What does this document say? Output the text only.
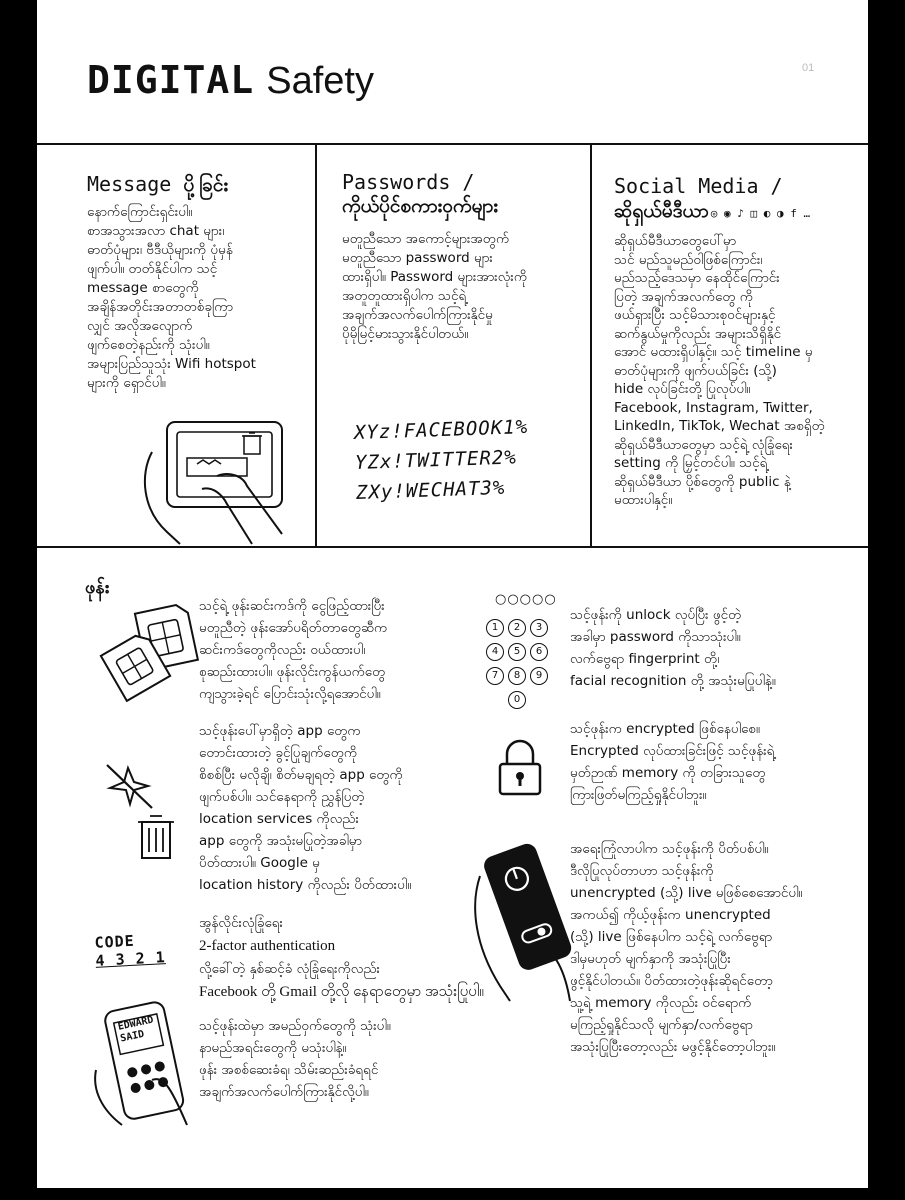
DIGITAL Safety	01
Message ပို့ခြင်း

နောက်ကြောင်းရှင်းပါ။

စာအသွားအလာ chat များ၊

ဓာတ်ပုံများ၊ ဗီဒီယိုများကို ပုံမှန်

ဖျက်ပါ။ တတ်နိုင်ပါက သင့်

message စာတွေကို

အချိန်အတိုင်းအတာတစ်ခုကြာ

လျှင် အလိုအလျောက်

ဖျက်စေတဲ့နည်းကို သုံးပါ။

အများပြည်သူသုံး Wifi hotspot

များကို ရှောင်ပါ။

Passwords /
ကိုယ်ပိုင်စကားဝှက်များ

မတူညီသော အကောင့်များအတွက်

မတူညီသော password များ

ထားရှိပါ။ Password များအားလုံးကို

အတူတူထားရှိပါက သင့်ရဲ့

အချက်အလက်ပေါက်ကြားနိုင်မှု

ပိုမိုမြင့်မားသွားနိုင်ပါတယ်။

XYz!FACEBOOK1%
YZx!TWITTER2%
ZXy!WECHAT3%
Social Media /
ဆိုရှယ်မီဒီယာ ◎ ◉ ♪ ◫ ◐ ◑ f …

ဆိုရှယ်မီဒီယာတွေပေါ်မှာ

သင် မည်သူမည်ဝါဖြစ်ကြောင်း၊

မည်သည့်ဒေသမှာ နေထိုင်ကြောင်း

ပြတဲ့ အချက်အလက်တွေ ကို

ဖယ်ရှားပြီး သင့်မိသားစုဝင်များနှင့်

ဆက်နွယ်မှုကိုလည်း အများသိရှိနိုင်

အောင် မထားရှိပါနှင့်။ သင့် timeline မှ

ဓာတ်ပုံများကို ဖျက်ပယ်ခြင်း (သို့)

hide လုပ်ခြင်းတို့ ပြုလုပ်ပါ။

Facebook, Instagram, Twitter,

LinkedIn, TikTok, Wechat အစရှိတဲ့

ဆိုရှယ်မီဒီယာတွေမှာ သင့်ရဲ့ လုံခြုံရေး

setting ကို မြှင့်တင်ပါ။ သင့်ရဲ့

ဆိုရှယ်မီဒီယာ ပို့စ်တွေကို public နဲ့

မထားပါနှင့်။

ဖုန်း

သင့်ရဲ့ ဖုန်းဆင်းကဒ်ကို ငွေဖြည့်ထားပြီး

မတူညီတဲ့ ဖုန်းအော်ပရိတ်တာတွေဆီက

ဆင်းကဒ်တွေကိုလည်း ဝယ်ထားပါ၊

စုဆည်းထားပါ။ ဖုန်းလိုင်းကွန်ယက်တွေ

ကျသွားခဲ့ရင် ပြောင်းသုံးလို့ရအောင်ပါ။

သင့်ဖုန်းပေါ်မှာရှိတဲ့ app တွေက

တောင်းထားတဲ့ ခွင့်ပြုချက်တွေကို

စိစစ်ပြီး မလိုချိ၊ စိတ်မချရတဲ့ app တွေကို

ဖျက်ပစ်ပါ။ သင်နေရာကို ညွှန်ပြတဲ့

location services ကိုလည်း

app တွေကို အသုံးမပြုတဲ့အခါမှာ

ပိတ်ထားပါ။ Google မှ

location history ကိုလည်း ပိတ်ထားပါ။

CODE
4 3 2 1

အွန်လိုင်းလုံခြုံရေး

2-factor authentication

လို့ခေါ်တဲ့ နှစ်ဆင့်ခံ လုံခြုံရေးကိုလည်း

Facebook တို့ Gmail တို့လို နေရာတွေမှာ အသုံးပြုပါ။

EDWARD
SAID

သင့်ဖုန်းထဲမှာ အမည်ဝှက်တွေကို သုံးပါ။

နာမည်အရင်းတွေကို မသုံးပါနဲ့။

ဖုန်း အစစ်ဆေးခံရ၊ သိမ်းဆည်းခံရရင်

အချက်အလက်ပေါက်ကြားနိုင်လို့ပါ။

○○○○○
1 2 34 5 67 8 90

သင့်ဖုန်းကို unlock လုပ်ပြီး ဖွင့်တဲ့

အခါမှာ password ကိုသာသုံးပါ။

လက်ဗွေရာ fingerprint တို့၊

facial recognition တို့ အသုံးမပြုပါနဲ့။

သင့်ဖုန်းက encrypted ဖြစ်နေပါစေ။

Encrypted လုပ်ထားခြင်းဖြင့် သင့်ဖုန်းရဲ့

မှတ်ဉာဏ် memory ကို တခြားသူတွေ

ကြားဖြတ်မကြည့်ရှုနိုင်ပါဘူး။

အရေးကြုံလာပါက သင့်ဖုန်းကို ပိတ်ပစ်ပါ။

ဒီလိုပြုလုပ်တာဟာ သင့်ဖုန်းကို

unencrypted (သို့) live မဖြစ်စေအောင်ပါ။

အကယ်၍ ကိုယ့်ဖုန်းက unencrypted

(သို့) live ဖြစ်နေပါက သင့်ရဲ့ လက်ဗွေရာ

ဒါမှမဟုတ် မျက်နှာကို အသုံးပြုပြီး

ဖွင့်နိုင်ပါတယ်။ ပိတ်ထားတဲ့ဖုန်းဆိုရင်တော့

သူ့ရဲ့ memory ကိုလည်း ဝင်ရောက်

မကြည့်ရှုနိုင်သလို မျက်နှာ/လက်ဗွေရာ

အသုံးပြုပြီးတော့လည်း မဖွင့်နိုင်တော့ပါဘူး။
